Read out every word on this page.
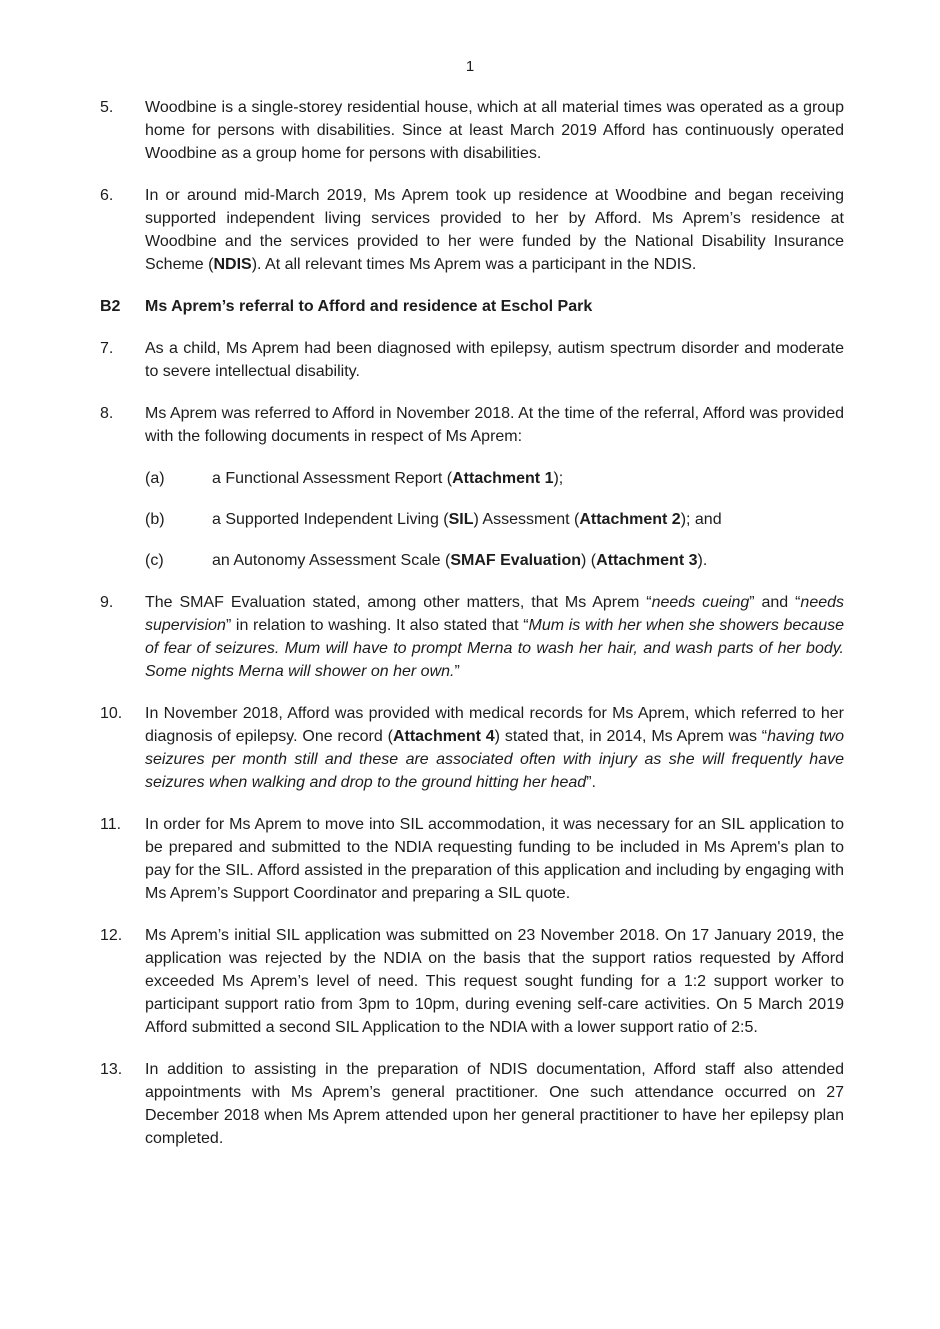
1
5.	Woodbine is a single-storey residential house, which at all material times was operated as a group home for persons with disabilities. Since at least March 2019 Afford has continuously operated Woodbine as a group home for persons with disabilities.
6.	In or around mid-March 2019, Ms Aprem took up residence at Woodbine and began receiving supported independent living services provided to her by Afford. Ms Aprem’s residence at Woodbine and the services provided to her were funded by the National Disability Insurance Scheme (NDIS). At all relevant times Ms Aprem was a participant in the NDIS.
B2	Ms Aprem’s referral to Afford and residence at Eschol Park
7.	As a child, Ms Aprem had been diagnosed with epilepsy, autism spectrum disorder and moderate to severe intellectual disability.
8.	Ms Aprem was referred to Afford in November 2018. At the time of the referral, Afford was provided with the following documents in respect of Ms Aprem:
(a)	a Functional Assessment Report (Attachment 1);
(b)	a Supported Independent Living (SIL) Assessment (Attachment 2); and
(c)	an Autonomy Assessment Scale (SMAF Evaluation) (Attachment 3).
9.	The SMAF Evaluation stated, among other matters, that Ms Aprem “needs cueing” and “needs supervision” in relation to washing. It also stated that “Mum is with her when she showers because of fear of seizures. Mum will have to prompt Merna to wash her hair, and wash parts of her body. Some nights Merna will shower on her own.”
10.	In November 2018, Afford was provided with medical records for Ms Aprem, which referred to her diagnosis of epilepsy. One record (Attachment 4) stated that, in 2014, Ms Aprem was “having two seizures per month still and these are associated often with injury as she will frequently have seizures when walking and drop to the ground hitting her head”.
11.	In order for Ms Aprem to move into SIL accommodation, it was necessary for an SIL application to be prepared and submitted to the NDIA requesting funding to be included in Ms Aprem's plan to pay for the SIL. Afford assisted in the preparation of this application and including by engaging with Ms Aprem’s Support Coordinator and preparing a SIL quote.
12.	Ms Aprem’s initial SIL application was submitted on 23 November 2018. On 17 January 2019, the application was rejected by the NDIA on the basis that the support ratios requested by Afford exceeded Ms Aprem’s level of need. This request sought funding for a 1:2 support worker to participant support ratio from 3pm to 10pm, during evening self-care activities. On 5 March 2019 Afford submitted a second SIL Application to the NDIA with a lower support ratio of 2:5.
13.	In addition to assisting in the preparation of NDIS documentation, Afford staff also attended appointments with Ms Aprem’s general practitioner. One such attendance occurred on 27 December 2018 when Ms Aprem attended upon her general practitioner to have her epilepsy plan completed.
